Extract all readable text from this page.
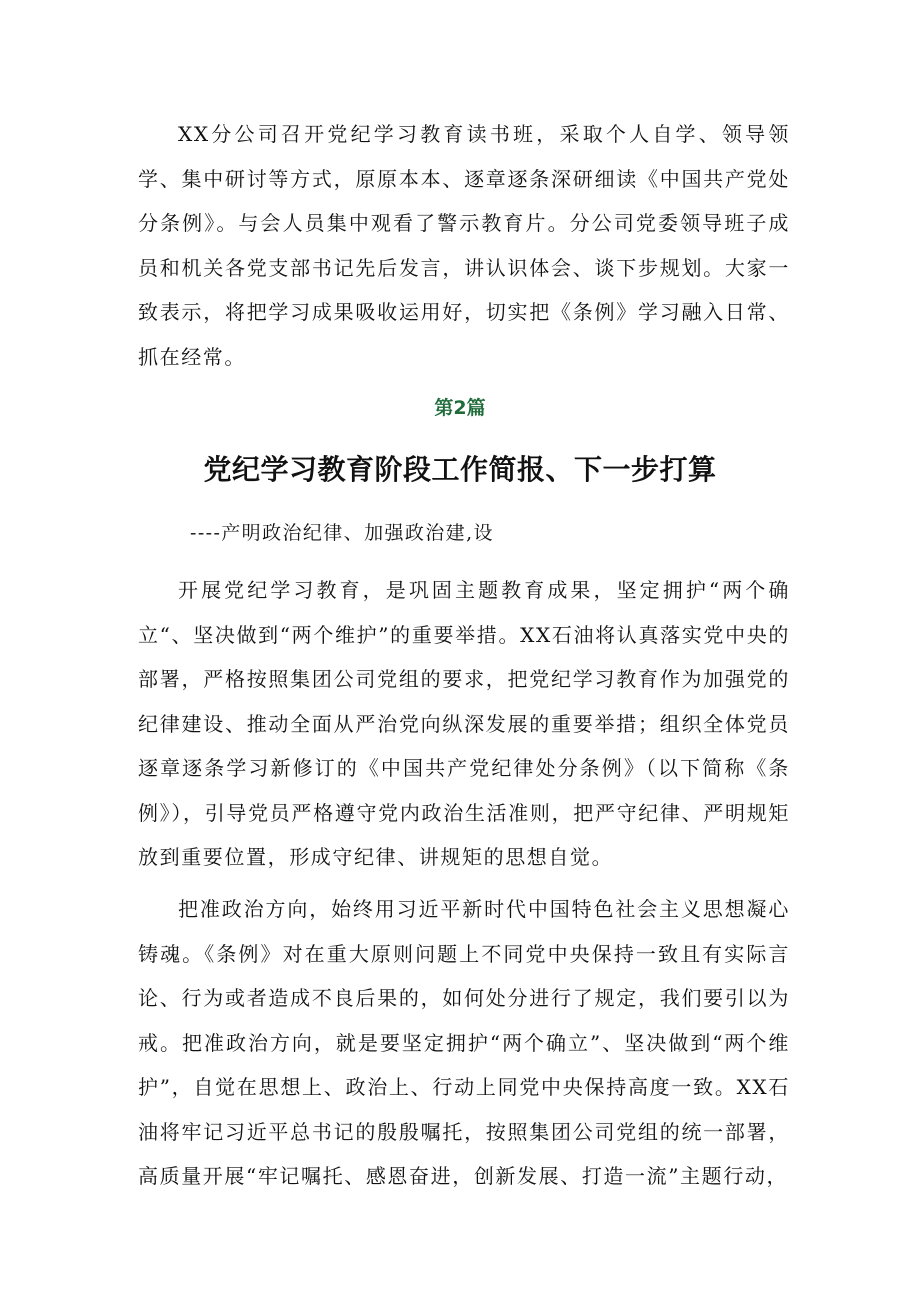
XX分公司召开党纪学习教育读书班，采取个人自学、领导领学、集中研讨等方式，原原本本、逐章逐条深研细读《中国共产党处分条例》。与会人员集中观看了警示教育片。分公司党委领导班子成员和机关各党支部书记先后发言，讲认识体会、谈下步规划。大家一致表示，将把学习成果吸收运用好，切实把《条例》学习融入日常、抓在经常。

第2篇

党纪学习教育阶段工作简报、下一步打算

----产明政治纪律、加强政治建,设

开展党纪学习教育，是巩固主题教育成果，坚定拥护“两个确立“、坚决做到“两个维护”的重要举措。XX石油将认真落实党中央的部署，严格按照集团公司党组的要求，把党纪学习教育作为加强党的纪律建设、推动全面从严治党向纵深发展的重要举措；组织全体党员逐章逐条学习新修订的《中国共产党纪律处分条例》（以下简称《条例》），引导党员严格遵守党内政治生活准则，把严守纪律、严明规矩放到重要位置，形成守纪律、讲规矩的思想自觉。

把准政治方向，始终用习近平新时代中国特色社会主义思想凝心铸魂。《条例》对在重大原则问题上不同党中央保持一致且有实际言论、行为或者造成不良后果的，如何处分进行了规定，我们要引以为戒。把准政治方向，就是要坚定拥护“两个确立”、坚决做到“两个维护”，自觉在思想上、政治上、行动上同党中央保持高度一致。XX石油将牢记习近平总书记的殷殷嘱托，按照集团公司党组的统一部署，高质量开展“牢记嘱托、感恩奋进，创新发展、打造一流”主题行动，
